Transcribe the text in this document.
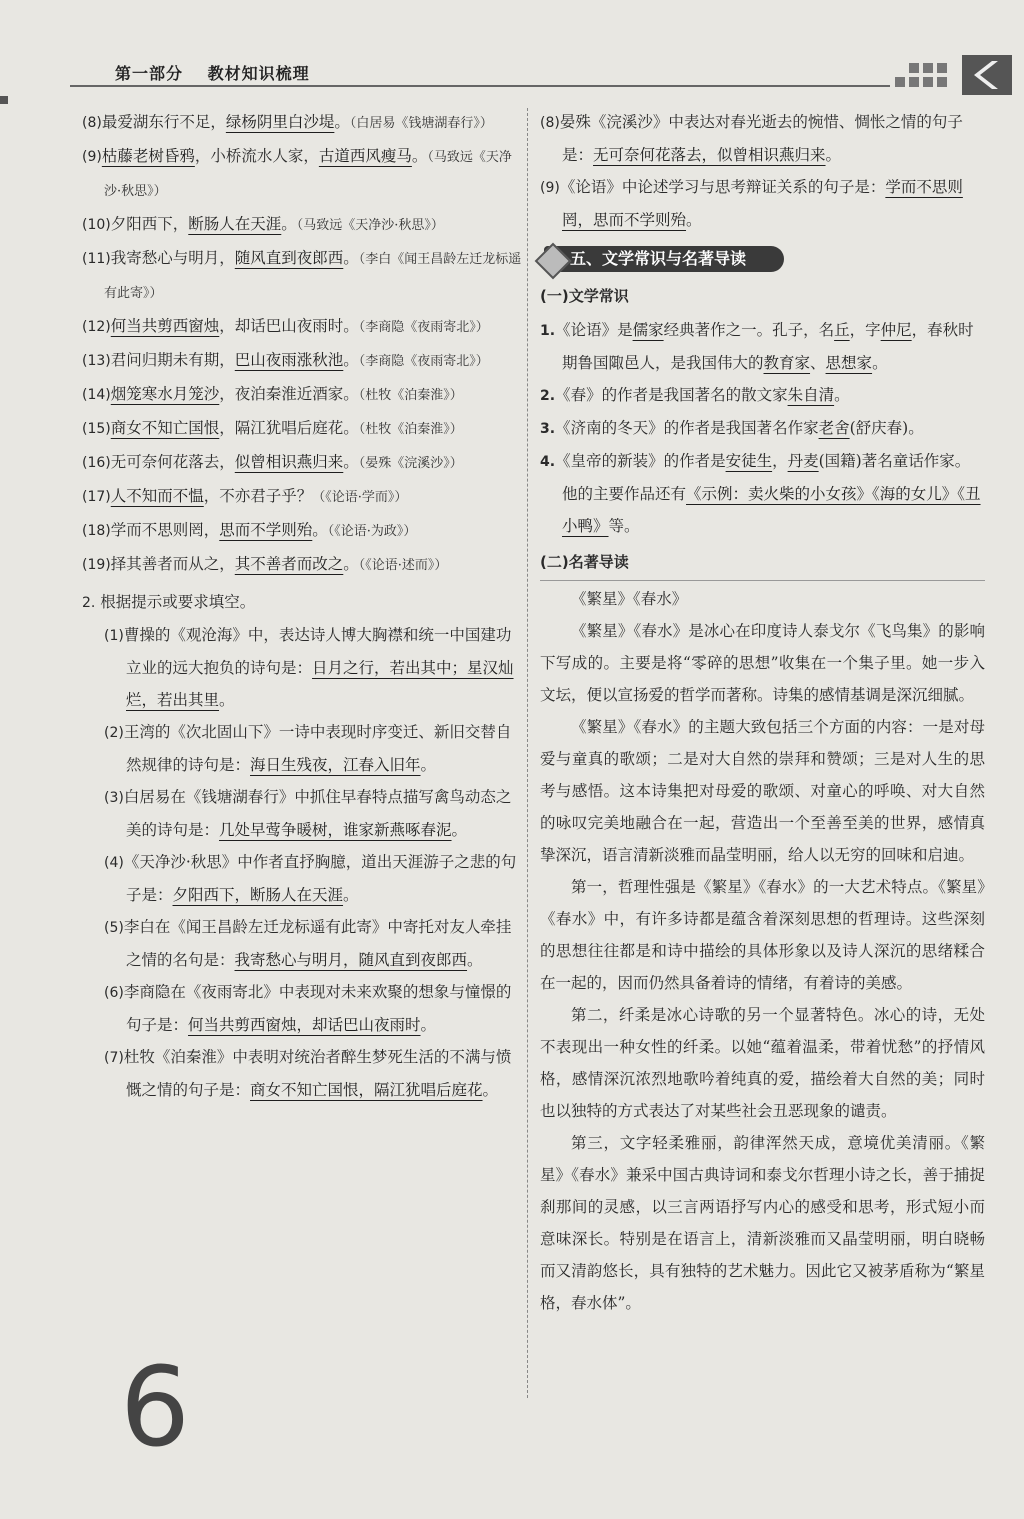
第一部分 教材知识梳理

(8)最爱湖东行不足，绿杨阴里白沙堤。（白居易《钱塘湖春行》）

(9)枯藤老树昏鸦，小桥流水人家，古道西风瘦马。（马致远《天净沙·秋思》）

(10)夕阳西下，断肠人在天涯。（马致远《天净沙·秋思》）

(11)我寄愁心与明月，随风直到夜郎西。（李白《闻王昌龄左迁龙标遥有此寄》）

(12)何当共剪西窗烛，却话巴山夜雨时。（李商隐《夜雨寄北》）

(13)君问归期未有期，巴山夜雨涨秋池。（李商隐《夜雨寄北》）

(14)烟笼寒水月笼沙，夜泊秦淮近酒家。（杜牧《泊秦淮》）

(15)商女不知亡国恨，隔江犹唱后庭花。（杜牧《泊秦淮》）

(16)无可奈何花落去，似曾相识燕归来。（晏殊《浣溪沙》）

(17)人不知而不愠，不亦君子乎？（《论语·学而》）

(18)学而不思则罔，思而不学则殆。（《论语·为政》）

(19)择其善者而从之，其不善者而改之。（《论语·述而》）

2. 根据提示或要求填空。

(1)曹操的《观沧海》中，表达诗人博大胸襟和统一中国建功立业的远大抱负的诗句是：日月之行，若出其中；星汉灿烂，若出其里。

(2)王湾的《次北固山下》一诗中表现时序变迁、新旧交替自然规律的诗句是：海日生残夜，江春入旧年。

(3)白居易在《钱塘湖春行》中抓住早春特点描写禽鸟动态之美的诗句是：几处早莺争暖树，谁家新燕啄春泥。

(4)《天净沙·秋思》中作者直抒胸臆，道出天涯游子之悲的句子是：夕阳西下，断肠人在天涯。

(5)李白在《闻王昌龄左迁龙标遥有此寄》中寄托对友人牵挂之情的名句是：我寄愁心与明月，随风直到夜郎西。

(6)李商隐在《夜雨寄北》中表现对未来欢聚的想象与憧憬的句子是：何当共剪西窗烛，却话巴山夜雨时。

(7)杜牧《泊秦淮》中表明对统治者醉生梦死生活的不满与愤慨之情的句子是：商女不知亡国恨，隔江犹唱后庭花。

(8)晏殊《浣溪沙》中表达对春光逝去的惋惜、惆怅之情的句子是：无可奈何花落去，似曾相识燕归来。

(9)《论语》中论述学习与思考辩证关系的句子是：学而不思则罔，思而不学则殆。

五、文学常识与名著导读
(一)文学常识

1.《论语》是儒家经典著作之一。孔子，名丘，字仲尼，春秋时期鲁国陬邑人，是我国伟大的教育家、思想家。

2.《春》的作者是我国著名的散文家朱自清。

3.《济南的冬天》的作者是我国著名作家老舍(舒庆春)。

4.《皇帝的新装》的作者是安徒生，丹麦(国籍)著名童话作家。他的主要作品还有《示例：卖火柴的小女孩》《海的女儿》《丑小鸭》等。

(二)名著导读

《繁星》《春水》

《繁星》《春水》是冰心在印度诗人泰戈尔《飞鸟集》的影响下写成的。主要是将“零碎的思想”收集在一个集子里。她一步入文坛，便以宣扬爱的哲学而著称。诗集的感情基调是深沉细腻。

《繁星》《春水》的主题大致包括三个方面的内容：一是对母爱与童真的歌颂；二是对大自然的崇拜和赞颂；三是对人生的思考与感悟。这本诗集把对母爱的歌颂、对童心的呼唤、对大自然的咏叹完美地融合在一起，营造出一个至善至美的世界，感情真挚深沉，语言清新淡雅而晶莹明丽，给人以无穷的回味和启迪。

第一，哲理性强是《繁星》《春水》的一大艺术特点。《繁星》《春水》中，有许多诗都是蕴含着深刻思想的哲理诗。这些深刻的思想往往都是和诗中描绘的具体形象以及诗人深沉的思绪糅合在一起的，因而仍然具备着诗的情绪，有着诗的美感。

第二，纤柔是冰心诗歌的另一个显著特色。冰心的诗，无处不表现出一种女性的纤柔。以她“蕴着温柔，带着忧愁”的抒情风格，感情深沉浓烈地歌吟着纯真的爱，描绘着大自然的美；同时也以独特的方式表达了对某些社会丑恶现象的谴责。

第三，文字轻柔雅丽，韵律浑然天成，意境优美清丽。《繁星》《春水》兼采中国古典诗词和泰戈尔哲理小诗之长，善于捕捉刹那间的灵感，以三言两语抒写内心的感受和思考，形式短小而意味深长。特别是在语言上，清新淡雅而又晶莹明丽，明白晓畅而又清韵悠长，具有独特的艺术魅力。因此它又被茅盾称为“繁星格，春水体”。

6
